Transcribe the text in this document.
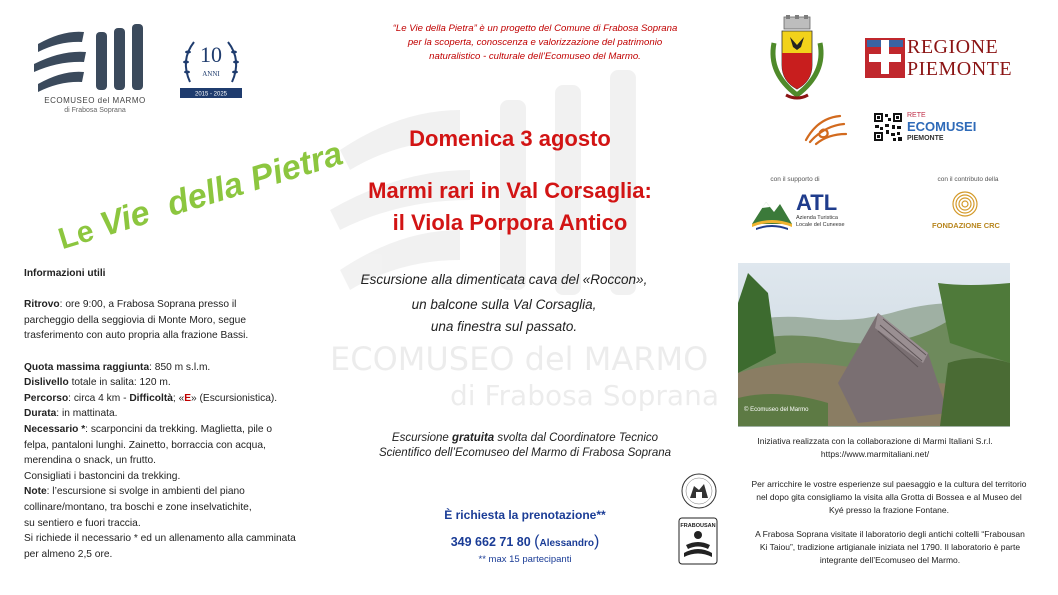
ECOMUSEO del MARMO
di Frabosa Soprana
ECOMUSEO del MARMO
di Frabosa Soprana
10
ANNI
2015 - 2025
“Le Vie della Pietra” è un progetto del Comune di Frabosa Soprana
per la scoperta, conoscenza e valorizzazione del patrimonio
naturalistico - culturale dell’Ecomuseo del Marmo.
Le
Vie della Pietra	Domenica 3 agosto
Marmi rari in Val Corsaglia:
il Viola Porpora Antico
Escursione alla dimenticata cava del «Roccon»,
un balcone sulla Val Corsaglia,
una finestra sul passato.
Informazioni utili
Ritrovo: ore 9:00, a Frabosa Soprana presso il
parcheggio della seggiovia di Monte Moro, segue
trasferimento con auto propria alla frazione Bassi.
Quota massima raggiunta: 850 m s.l.m.
Dislivello totale in salita: 120 m.
Percorso: circa 4 km - Difficoltà; «E» (Escursionistica).
Durata: in mattinata.
Necessario *: scarponcini da trekking. Maglietta, pile o
felpa, pantaloni lunghi. Zainetto, borraccia con acqua,
merendina o snack, un frutto.
Consigliati i bastoncini da trekking.
Note: l’escursione si svolge in ambienti del piano
collinare/montano, tra boschi e zone inselvatichite,
su sentiero e fuori traccia.
Si richiede il necessario * ed un allenamento alla camminata
per almeno 2,5 ore.
Escursione gratuita svolta dal Coordinatore Tecnico
Scientifico dell’Ecomuseo del Marmo di Frabosa Soprana
È richiesta la prenotazione**
349 662 71 80 (Alessandro)
** max 15 partecipanti
REGIONE
PIEMONTE
RETE
ECOMUSEI
PIEMONTE
con il supporto di	con il contributo della
ATL
Azienda Turistica
Locale del Cuneese	FONDAZIONE CRC
© Ecomuseo del Marmo
Iniziativa realizzata con la collaborazione di Marmi Italiani S.r.l.
https://www.marmitaliani.net/
Per arricchire le vostre esperienze sul paesaggio e la cultura del territorio
nel dopo gita consigliamo la visita alla Grotta di Bossea e al Museo del
Kyé presso la frazione Fontane.
FRABOUSAN
A Frabosa Soprana visitate il laboratorio degli antichi coltelli “Frabousan
Ki Taiou”, tradizione artigianale iniziata nel 1790. Il laboratorio è parte
integrante dell’Ecomuseo del Marmo.
